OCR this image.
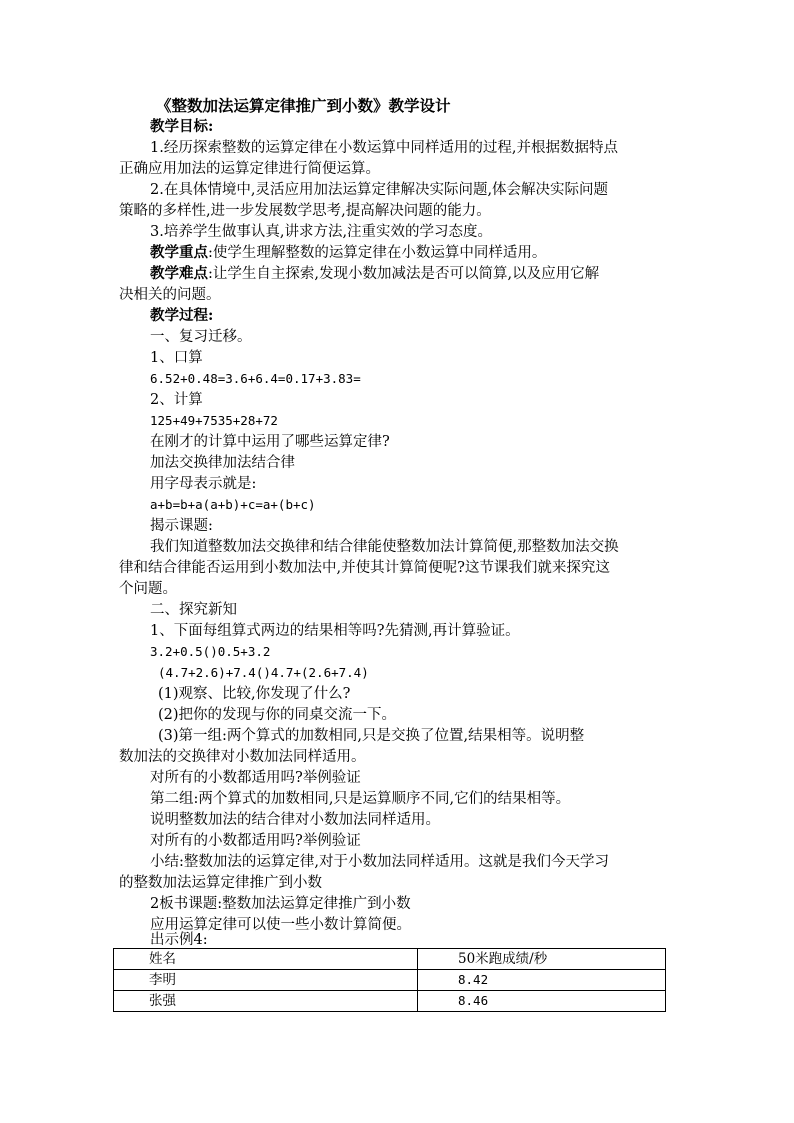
《整数加法运算定律推广到小数》教学设计
教学目标:
1.经历探索整数的运算定律在小数运算中同样适用的过程,并根据数据特点
正确应用加法的运算定律进行简便运算。
2.在具体情境中,灵活应用加法运算定律解决实际问题,体会解决实际问题
策略的多样性,进一步发展数学思考,提高解决问题的能力。
3.培养学生做事认真,讲求方法,注重实效的学习态度。
教学重点:使学生理解整数的运算定律在小数运算中同样适用。
教学难点:让学生自主探索,发现小数加减法是否可以简算,以及应用它解
决相关的问题。
教学过程:
一、复习迁移。
1、口算
6.52+0.48=3.6+6.4=0.17+3.83=
2、计算
125+49+7535+28+72
在刚才的计算中运用了哪些运算定律?
加法交换律加法结合律
用字母表示就是:
a+b=b+a(a+b)+c=a+(b+c)
揭示课题:
我们知道整数加法交换律和结合律能使整数加法计算简便,那整数加法交换
律和结合律能否运用到小数加法中,并使其计算简便呢?这节课我们就来探究这
个问题。
二、探究新知
1、下面每组算式两边的结果相等吗?先猜测,再计算验证。
3.2+0.5()0.5+3.2
(4.7+2.6)+7.4()4.7+(2.6+7.4)
(1)观察、比较,你发现了什么?
(2)把你的发现与你的同桌交流一下。
(3)第一组:两个算式的加数相同,只是交换了位置,结果相等。说明整
数加法的交换律对小数加法同样适用。
对所有的小数都适用吗?举例验证
第二组:两个算式的加数相同,只是运算顺序不同,它们的结果相等。
说明整数加法的结合律对小数加法同样适用。
对所有的小数都适用吗?举例验证
小结:整数加法的运算定律,对于小数加法同样适用。这就是我们今天学习
的整数加法运算定律推广到小数
2板书课题:整数加法运算定律推广到小数
应用运算定律可以使一些小数计算简便。
出示例4:
姓名	50米跑成绩/秒
李明	8.42
张强	8.46
